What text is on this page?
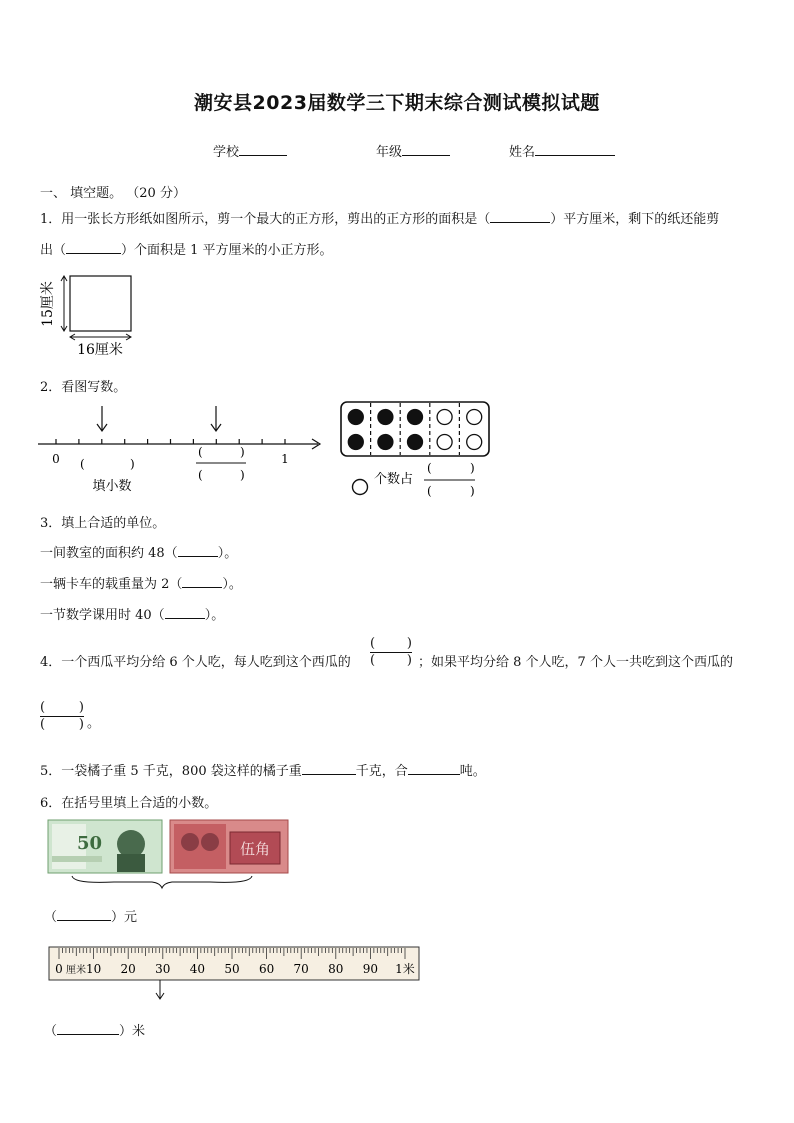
潮安县2023届数学三下期末综合测试模拟试题
学校	年级	姓名
一、 填空题。 （20 分）
1．用一张长方形纸如图所示，剪一个最大的正方形，剪出的正方形的面积是（	）平方厘米，剩下的纸还能剪
出（	）个面积是 1 平方厘米的小正方形。
15厘米
16厘米
2．看图写数。
0	1
(	)
(	)
(	)
填小数	个数占
(	)
(	)
3．填上合适的单位。
一间教室的面积约 48（	）。
一辆卡车的载重量为 2（	）。
一节数学课用时 40（	）。
4．一个西瓜平均分给 6 个人吃，每人吃到这个西瓜的 $\frac{( )}{( )}$ ；如果平均分给 8 个人吃，7 个人一共吃到这个西瓜的
(	)
(	) 。
5．一袋橘子重 5 千克，800 袋这样的橘子重	千克，合	吨。
6．在括号里填上合适的小数。
50	伍角
（	）元
0 厘米 10 20 30 40 50 60 70 80 90 1米
（	）米
